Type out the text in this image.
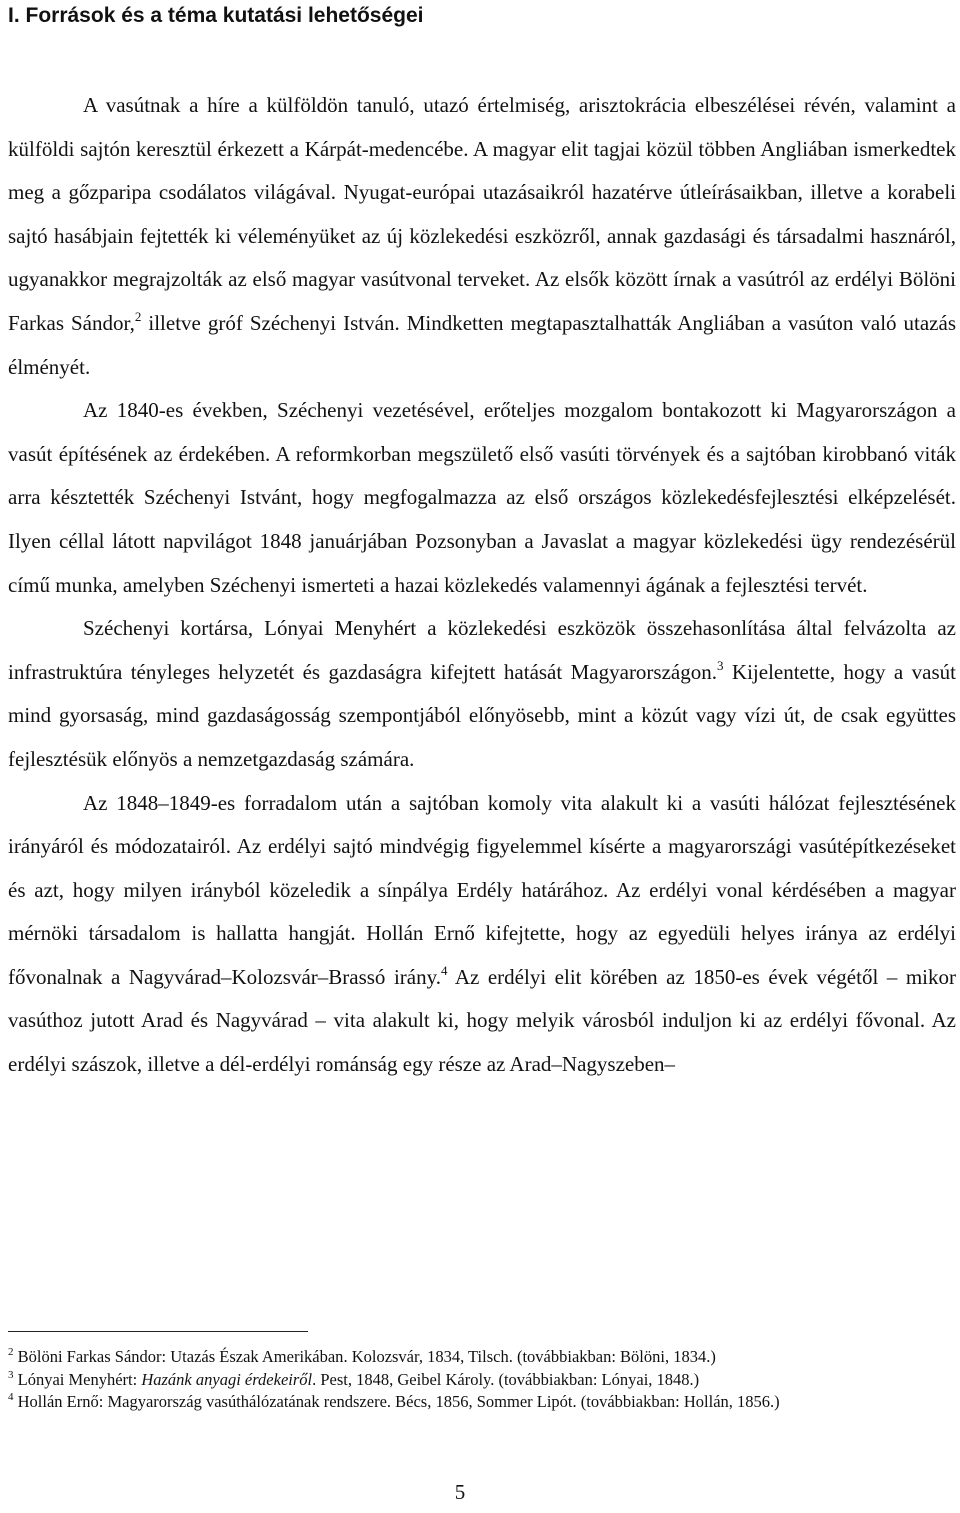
I. Források és a téma kutatási lehetőségei

A vasútnak a híre a külföldön tanuló, utazó értelmiség, arisztokrácia elbeszélései révén, valamint a külföldi sajtón keresztül érkezett a Kárpát-medencébe. A magyar elit tagjai közül többen Angliában ismerkedtek meg a gőzparipa csodálatos világával. Nyugat-európai utazásaikról hazatérve útleírásaikban, illetve a korabeli sajtó hasábjain fejtették ki véleményüket az új közlekedési eszközről, annak gazdasági és társadalmi hasznáról, ugyanakkor megrajzolták az első magyar vasútvonal terveket. Az elsők között írnak a vasútról az erdélyi Bölöni Farkas Sándor,$^2$ illetve gróf Széchenyi István. Mindketten megtapasztalhatták Angliában a vasúton való utazás élményét.

Az 1840-es években, Széchenyi vezetésével, erőteljes mozgalom bontakozott ki Magyarországon a vasút építésének az érdekében. A reformkorban megszülető első vasúti törvények és a sajtóban kirobbanó viták arra késztették Széchenyi Istvánt, hogy megfogalmazza az első országos közlekedésfejlesztési elképzelését. Ilyen céllal látott napvilágot 1848 januárjában Pozsonyban a Javaslat a magyar közlekedési ügy rendezésérül című munka, amelyben Széchenyi ismerteti a hazai közlekedés valamennyi ágának a fejlesztési tervét.

Széchenyi kortársa, Lónyai Menyhért a közlekedési eszközök összehasonlítása által felvázolta az infrastruktúra tényleges helyzetét és gazdaságra kifejtett hatását Magyarországon.$^3$ Kijelentette, hogy a vasút mind gyorsaság, mind gazdaságosság szempontjából előnyösebb, mint a közút vagy vízi út, de csak együttes fejlesztésük előnyös a nemzetgazdaság számára.

Az 1848–1849-es forradalom után a sajtóban komoly vita alakult ki a vasúti hálózat fejlesztésének irányáról és módozatairól. Az erdélyi sajtó mindvégig figyelemmel kísérte a magyarországi vasútépítkezéseket és azt, hogy milyen irányból közeledik a sínpálya Erdély határához. Az erdélyi vonal kérdésében a magyar mérnöki társadalom is hallatta hangját. Hollán Ernő kifejtette, hogy az egyedüli helyes iránya az erdélyi fővonalnak a Nagyvárad–Kolozsvár–Brassó irány.$^4$ Az erdélyi elit körében az 1850-es évek végétől – mikor vasúthoz jutott Arad és Nagyvárad – vita alakult ki, hogy melyik városból induljon ki az erdélyi fővonal. Az erdélyi szászok, illetve a dél-erdélyi románság egy része az Arad–Nagyszeben–

$^2$ Bölöni Farkas Sándor: Utazás Észak Amerikában. Kolozsvár, 1834, Tilsch. (továbbiakban: Bölöni, 1834.)

$^3$ Lónyai Menyhért: Hazánk anyagi érdekeiről. Pest, 1848, Geibel Károly. (továbbiakban: Lónyai, 1848.)

$^4$ Hollán Ernő: Magyarország vasúthálózatának rendszere. Bécs, 1856, Sommer Lipót. (továbbiakban: Hollán, 1856.)

5
